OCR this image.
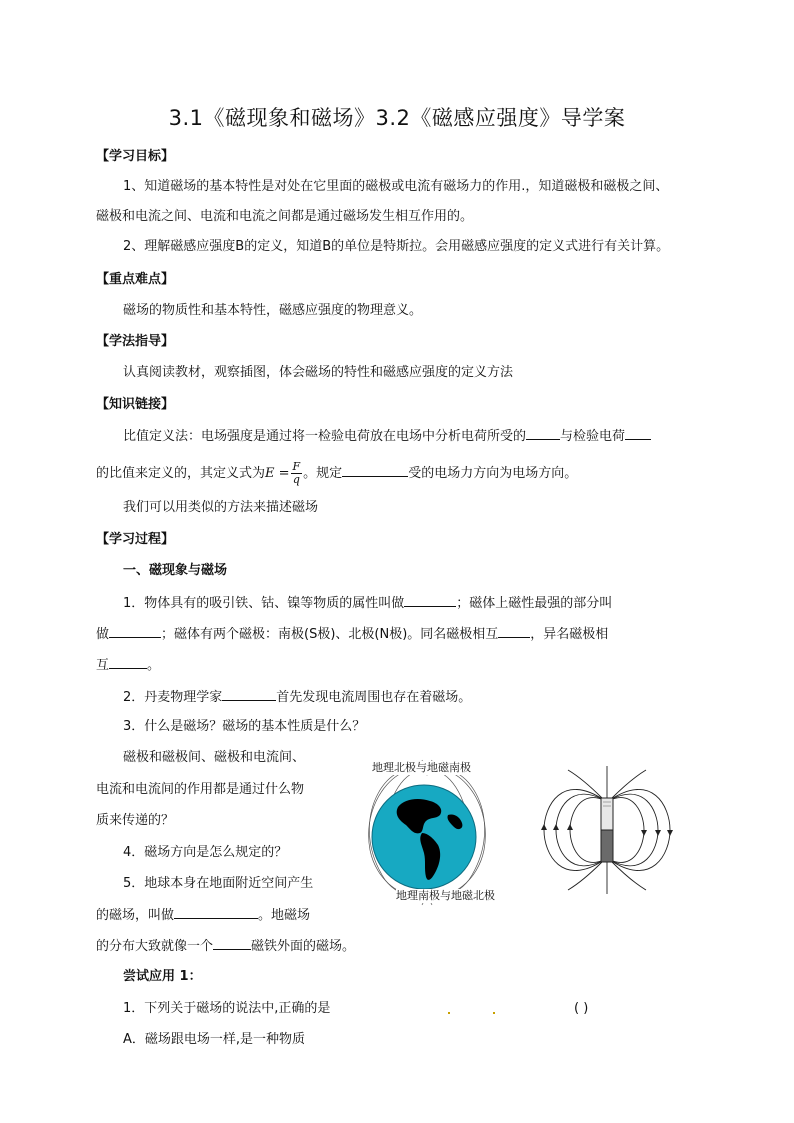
3.1《磁现象和磁场》3.2《磁感应强度》导学案
【学习目标】
1、知道磁场的基本特性是对处在它里面的磁极或电流有磁场力的作用.，知道磁极和磁极之间、
磁极和电流之间、电流和电流之间都是通过磁场发生相互作用的。
2、理解磁感应强度B的定义，知道B的单位是特斯拉。会用磁感应强度的定义式进行有关计算。
【重点难点】
磁场的物质性和基本特性，磁感应强度的物理意义。
【学法指导】
认真阅读教材，观察插图，体会磁场的特性和磁感应强度的定义方法
【知识链接】
比值定义法：电场强度是通过将一检验电荷放在电场中分析电荷所受的	与检验电荷
的比值来定义的，其定义式为$E = \frac{F}{q}$ 。规定	受的电场力方向为电场方向。
我们可以用类似的方法来描述磁场
【学习过程】
一、磁现象与磁场
1．物体具有的吸引铁、钴、镍等物质的属性叫做	；磁体上磁性最强的部分叫
做	；磁体有两个磁极：南极(S极)、北极(N极)。同名磁极相互 ，异名磁极相
互	。
2．丹麦物理学家	首先发现电流周围也存在着磁场。
3．什么是磁场？磁场的基本性质是什么？
磁极和磁极间、磁极和电流间、
电流和电流间的作用都是通过什么物
质来传递的？
4．磁场方向是怎么规定的？
5．地球本身在地面附近空间产生
的磁场，叫做	。地磁场
的分布大致就像一个	磁铁外面的磁场。
尝试应用 1：
1．下列关于磁场的说法中,正确的是	( )
A．磁场跟电场一样,是一种物质
地理北极与地磁南极
地理南极与地磁北极
